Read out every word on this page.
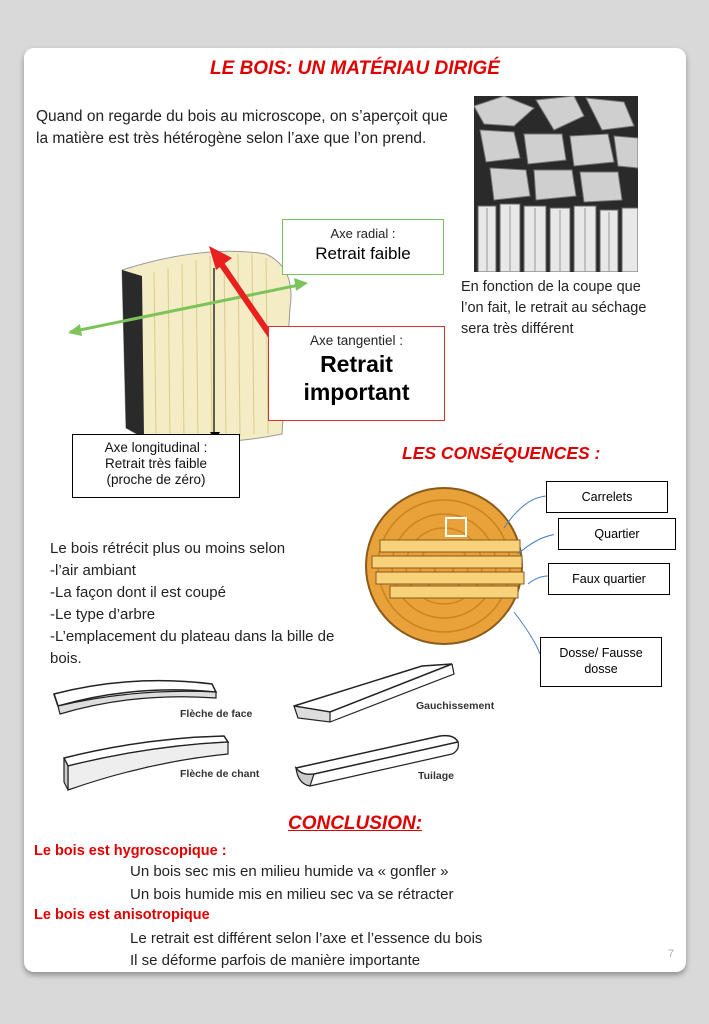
LE BOIS: UN MATÉRIAU DIRIGÉ
Quand on regarde du bois au microscope, on s’aperçoit que la matière est très hétérogène selon l’axe que l’on prend.
En fonction de la coupe que l’on fait, le retrait au séchage sera très différent
Axe radial :
Retrait faible
Axe tangentiel :
Retrait
important
Axe longitudinal :
Retrait très faible
(proche de zéro)
LES CONSÉQUENCES :
Carrelets
Quartier
Faux quartier
Dosse/ Fausse dosse
Le bois rétrécit plus ou moins selon
-l’air ambiant
-La façon dont il est coupé
-Le type d’arbre
-L’emplacement du plateau dans la bille de bois.
Flèche de face
Gauchissement
Flèche de chant	Tuilage
CONCLUSION:
Le bois est hygroscopique :
Un bois sec mis en milieu humide va « gonfler »
Un bois humide mis en milieu sec va se rétracter
Le bois est anisotropique
Le retrait est différent selon l’axe et l’essence du bois
Il se déforme parfois de manière importante	7
